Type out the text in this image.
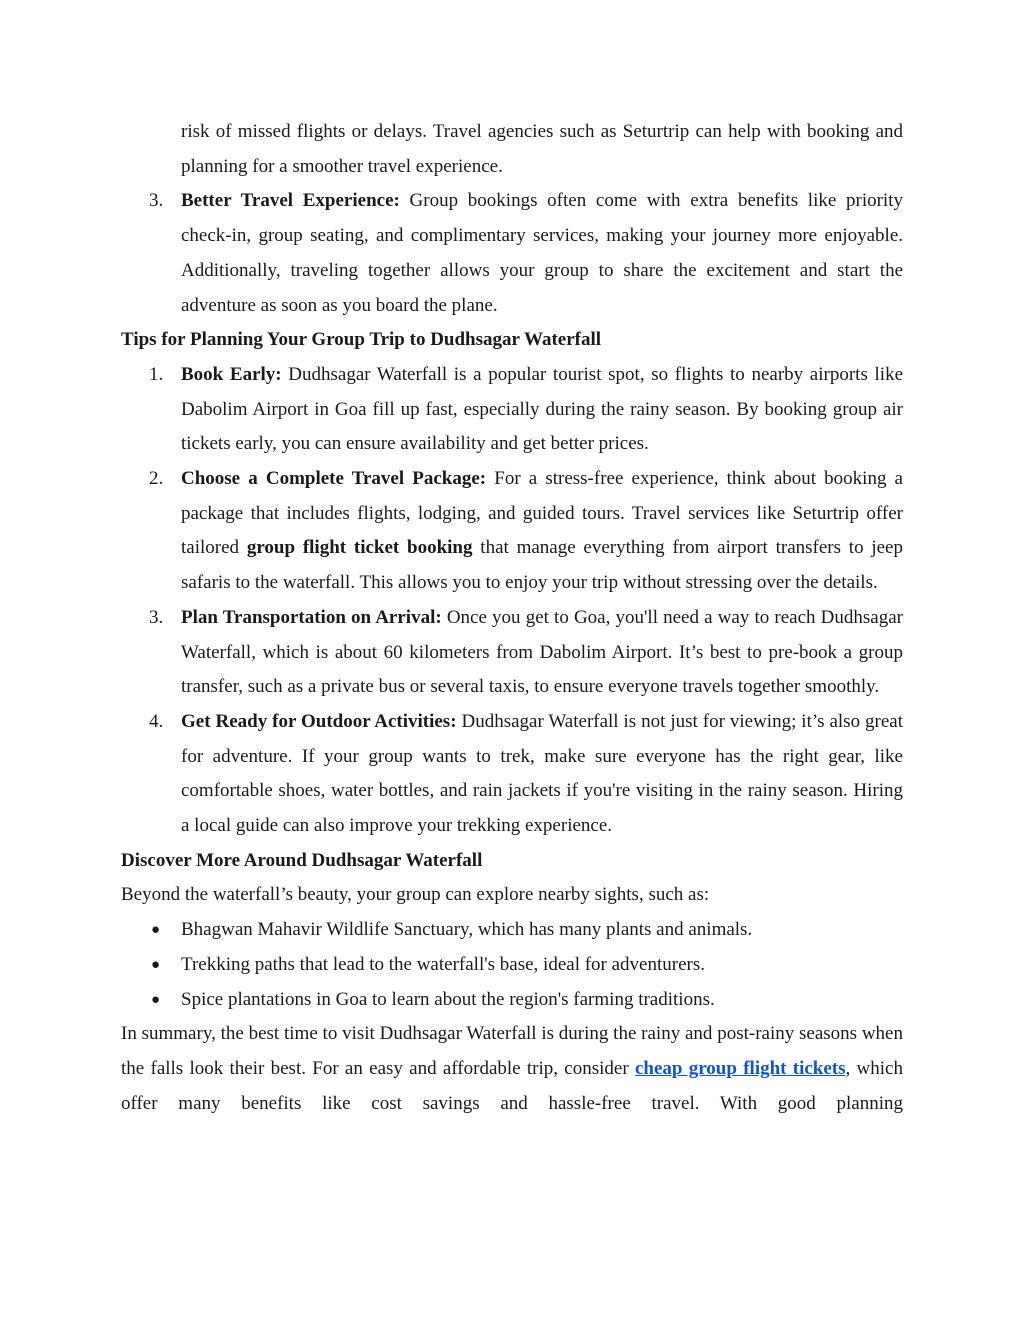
risk of missed flights or delays. Travel agencies such as Seturtrip can help with booking and planning for a smoother travel experience.

3. Better Travel Experience: Group bookings often come with extra benefits like priority check-in, group seating, and complimentary services, making your journey more enjoyable. Additionally, traveling together allows your group to share the excitement and start the adventure as soon as you board the plane.

Tips for Planning Your Group Trip to Dudhsagar Waterfall

1. Book Early: Dudhsagar Waterfall is a popular tourist spot, so flights to nearby airports like Dabolim Airport in Goa fill up fast, especially during the rainy season. By booking group air tickets early, you can ensure availability and get better prices.

2. Choose a Complete Travel Package: For a stress-free experience, think about booking a package that includes flights, lodging, and guided tours. Travel services like Seturtrip offer tailored group flight ticket booking that manage everything from airport transfers to jeep safaris to the waterfall. This allows you to enjoy your trip without stressing over the details.

3. Plan Transportation on Arrival: Once you get to Goa, you'll need a way to reach Dudhsagar Waterfall, which is about 60 kilometers from Dabolim Airport. It’s best to pre-book a group transfer, such as a private bus or several taxis, to ensure everyone travels together smoothly.

4. Get Ready for Outdoor Activities: Dudhsagar Waterfall is not just for viewing; it’s also great for adventure. If your group wants to trek, make sure everyone has the right gear, like comfortable shoes, water bottles, and rain jackets if you're visiting in the rainy season. Hiring a local guide can also improve your trekking experience.

Discover More Around Dudhsagar Waterfall

Beyond the waterfall’s beauty, your group can explore nearby sights, such as:

● Bhagwan Mahavir Wildlife Sanctuary, which has many plants and animals.

● Trekking paths that lead to the waterfall's base, ideal for adventurers.

● Spice plantations in Goa to learn about the region's farming traditions.

In summary, the best time to visit Dudhsagar Waterfall is during the rainy and post-rainy seasons when the falls look their best. For an easy and affordable trip, consider cheap group flight tickets, which offer many benefits like cost savings and hassle-free travel. With good planning
